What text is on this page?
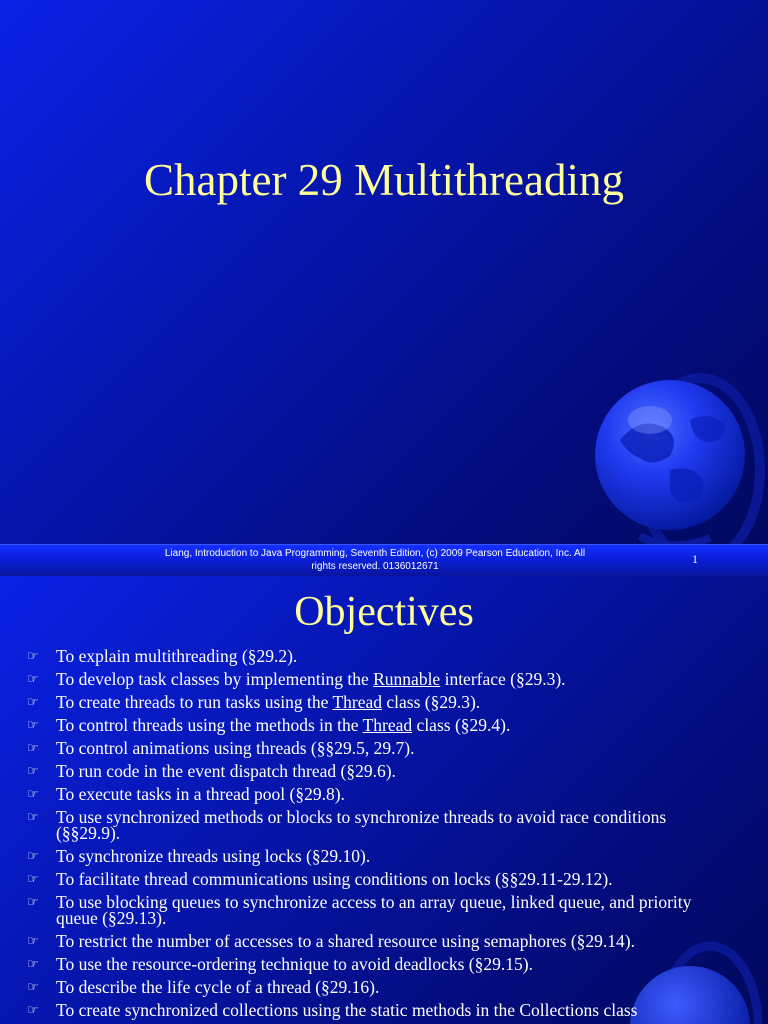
Chapter 29 Multithreading
Liang, Introduction to Java Programming, Seventh Edition, (c) 2009 Pearson Education, Inc. All
rights reserved. 0136012671
1
Objectives
☞ To explain multithreading (§29.2).
☞ To develop task classes by implementing the Runnable interface (§29.3).
☞ To create threads to run tasks using the Thread class (§29.3).
☞ To control threads using the methods in the Thread class (§29.4).
☞ To control animations using threads (§§29.5, 29.7).
☞ To run code in the event dispatch thread (§29.6).
☞ To execute tasks in a thread pool (§29.8).
☞ To use synchronized methods or blocks to synchronize threads to avoid race conditions (§§29.9).
☞ To synchronize threads using locks (§29.10).
☞ To facilitate thread communications using conditions on locks (§§29.11-29.12).
☞ To use blocking queues to synchronize access to an array queue, linked queue, and priority queue (§29.13).
☞ To restrict the number of accesses to a shared resource using semaphores (§29.14).
☞ To use the resource-ordering technique to avoid deadlocks (§29.15).
☞ To describe the life cycle of a thread (§29.16).
☞ To create synchronized collections using the static methods in the Collections class
